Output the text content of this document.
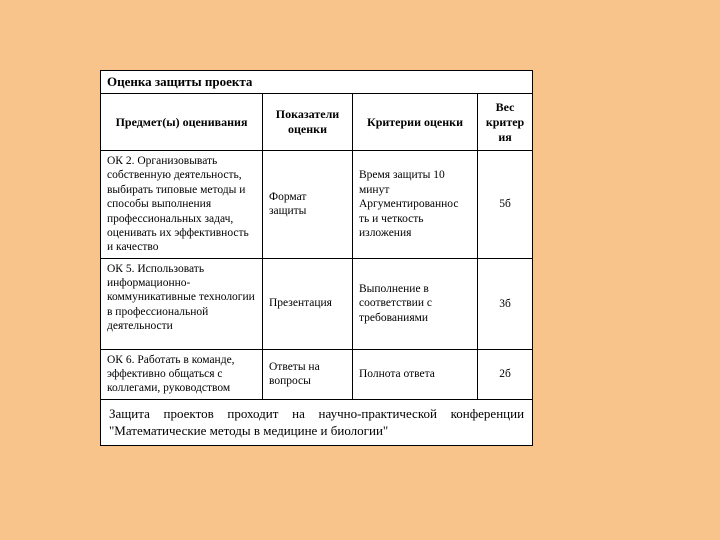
Оценка защиты проекта			
Предмет(ы) оценивания	Показатели оценки	Критерии оценки	Вес критер ия
ОК 2. Организовывать собственную деятельность, выбирать типовые методы и способы выполнения профессиональных задач, оценивать их эффективность и качество	Формат защиты	Время защиты 10 минут Аргументированнос ть и четкость изложения	5б
ОК 5. Использовать информационно-коммуникативные технологии в профессиональной деятельности	Презентация	Выполнение в соответствии с требованиями	3б
ОК 6. Работать в команде, эффективно общаться с коллегами, руководством	Ответы на вопросы	Полнота ответа	2б
Защита проектов проходит на научно-практической конференции "Математические методы в медицине и биологии"			
